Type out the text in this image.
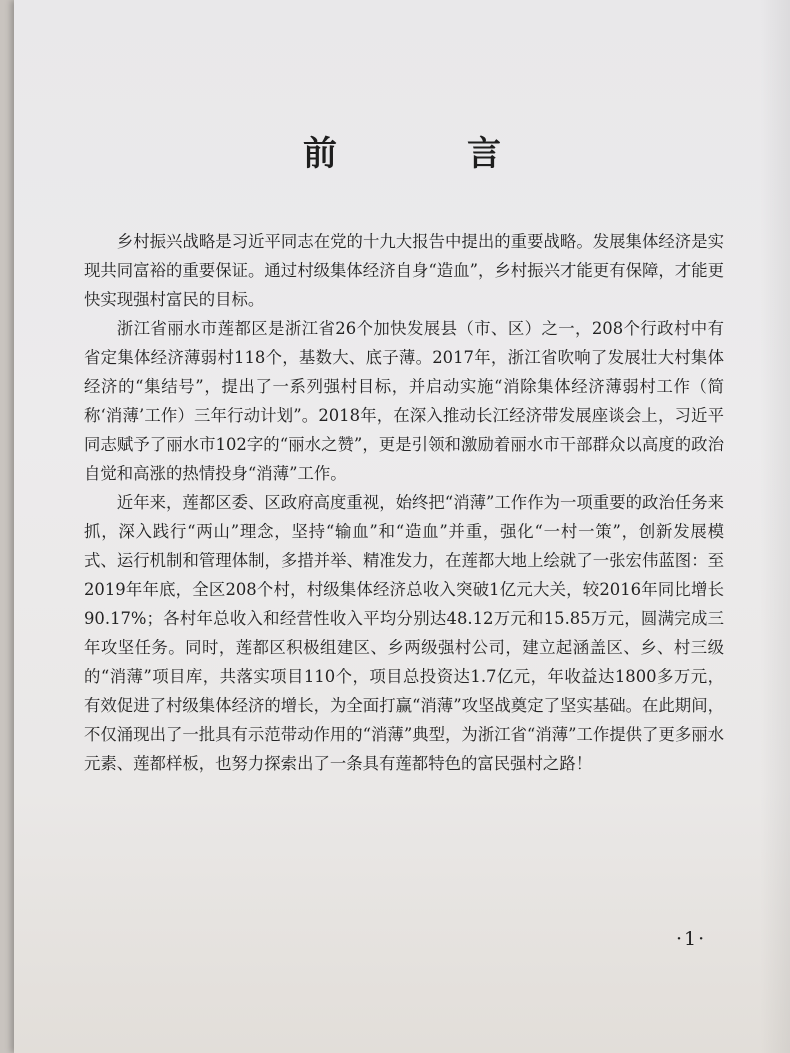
前　言

乡村振兴战略是习近平同志在党的十九大报告中提出的重要战略。发展集体经济是实现共同富裕的重要保证。通过村级集体经济自身“造血”，乡村振兴才能更有保障，才能更快实现强村富民的目标。

浙江省丽水市莲都区是浙江省26个加快发展县（市、区）之一，208个行政村中有省定集体经济薄弱村118个，基数大、底子薄。2017年，浙江省吹响了发展壮大村集体经济的“集结号”，提出了一系列强村目标，并启动实施“消除集体经济薄弱村工作（简称‘消薄’工作）三年行动计划”。2018年，在深入推动长江经济带发展座谈会上，习近平同志赋予了丽水市102字的“丽水之赞”，更是引领和激励着丽水市干部群众以高度的政治自觉和高涨的热情投身“消薄”工作。

近年来，莲都区委、区政府高度重视，始终把“消薄”工作作为一项重要的政治任务来抓，深入践行“两山”理念，坚持“输血”和“造血”并重，强化“一村一策”，创新发展模式、运行机制和管理体制，多措并举、精准发力，在莲都大地上绘就了一张宏伟蓝图：至2019年年底，全区208个村，村级集体经济总收入突破1亿元大关，较2016年同比增长90.17%；各村年总收入和经营性收入平均分别达48.12万元和15.85万元，圆满完成三年攻坚任务。同时，莲都区积极组建区、乡两级强村公司，建立起涵盖区、乡、村三级的“消薄”项目库，共落实项目110个，项目总投资达1.7亿元，年收益达1800多万元，有效促进了村级集体经济的增长，为全面打赢“消薄”攻坚战奠定了坚实基础。在此期间，不仅涌现出了一批具有示范带动作用的“消薄”典型，为浙江省“消薄”工作提供了更多丽水元素、莲都样板，也努力探索出了一条具有莲都特色的富民强村之路！

·1·
